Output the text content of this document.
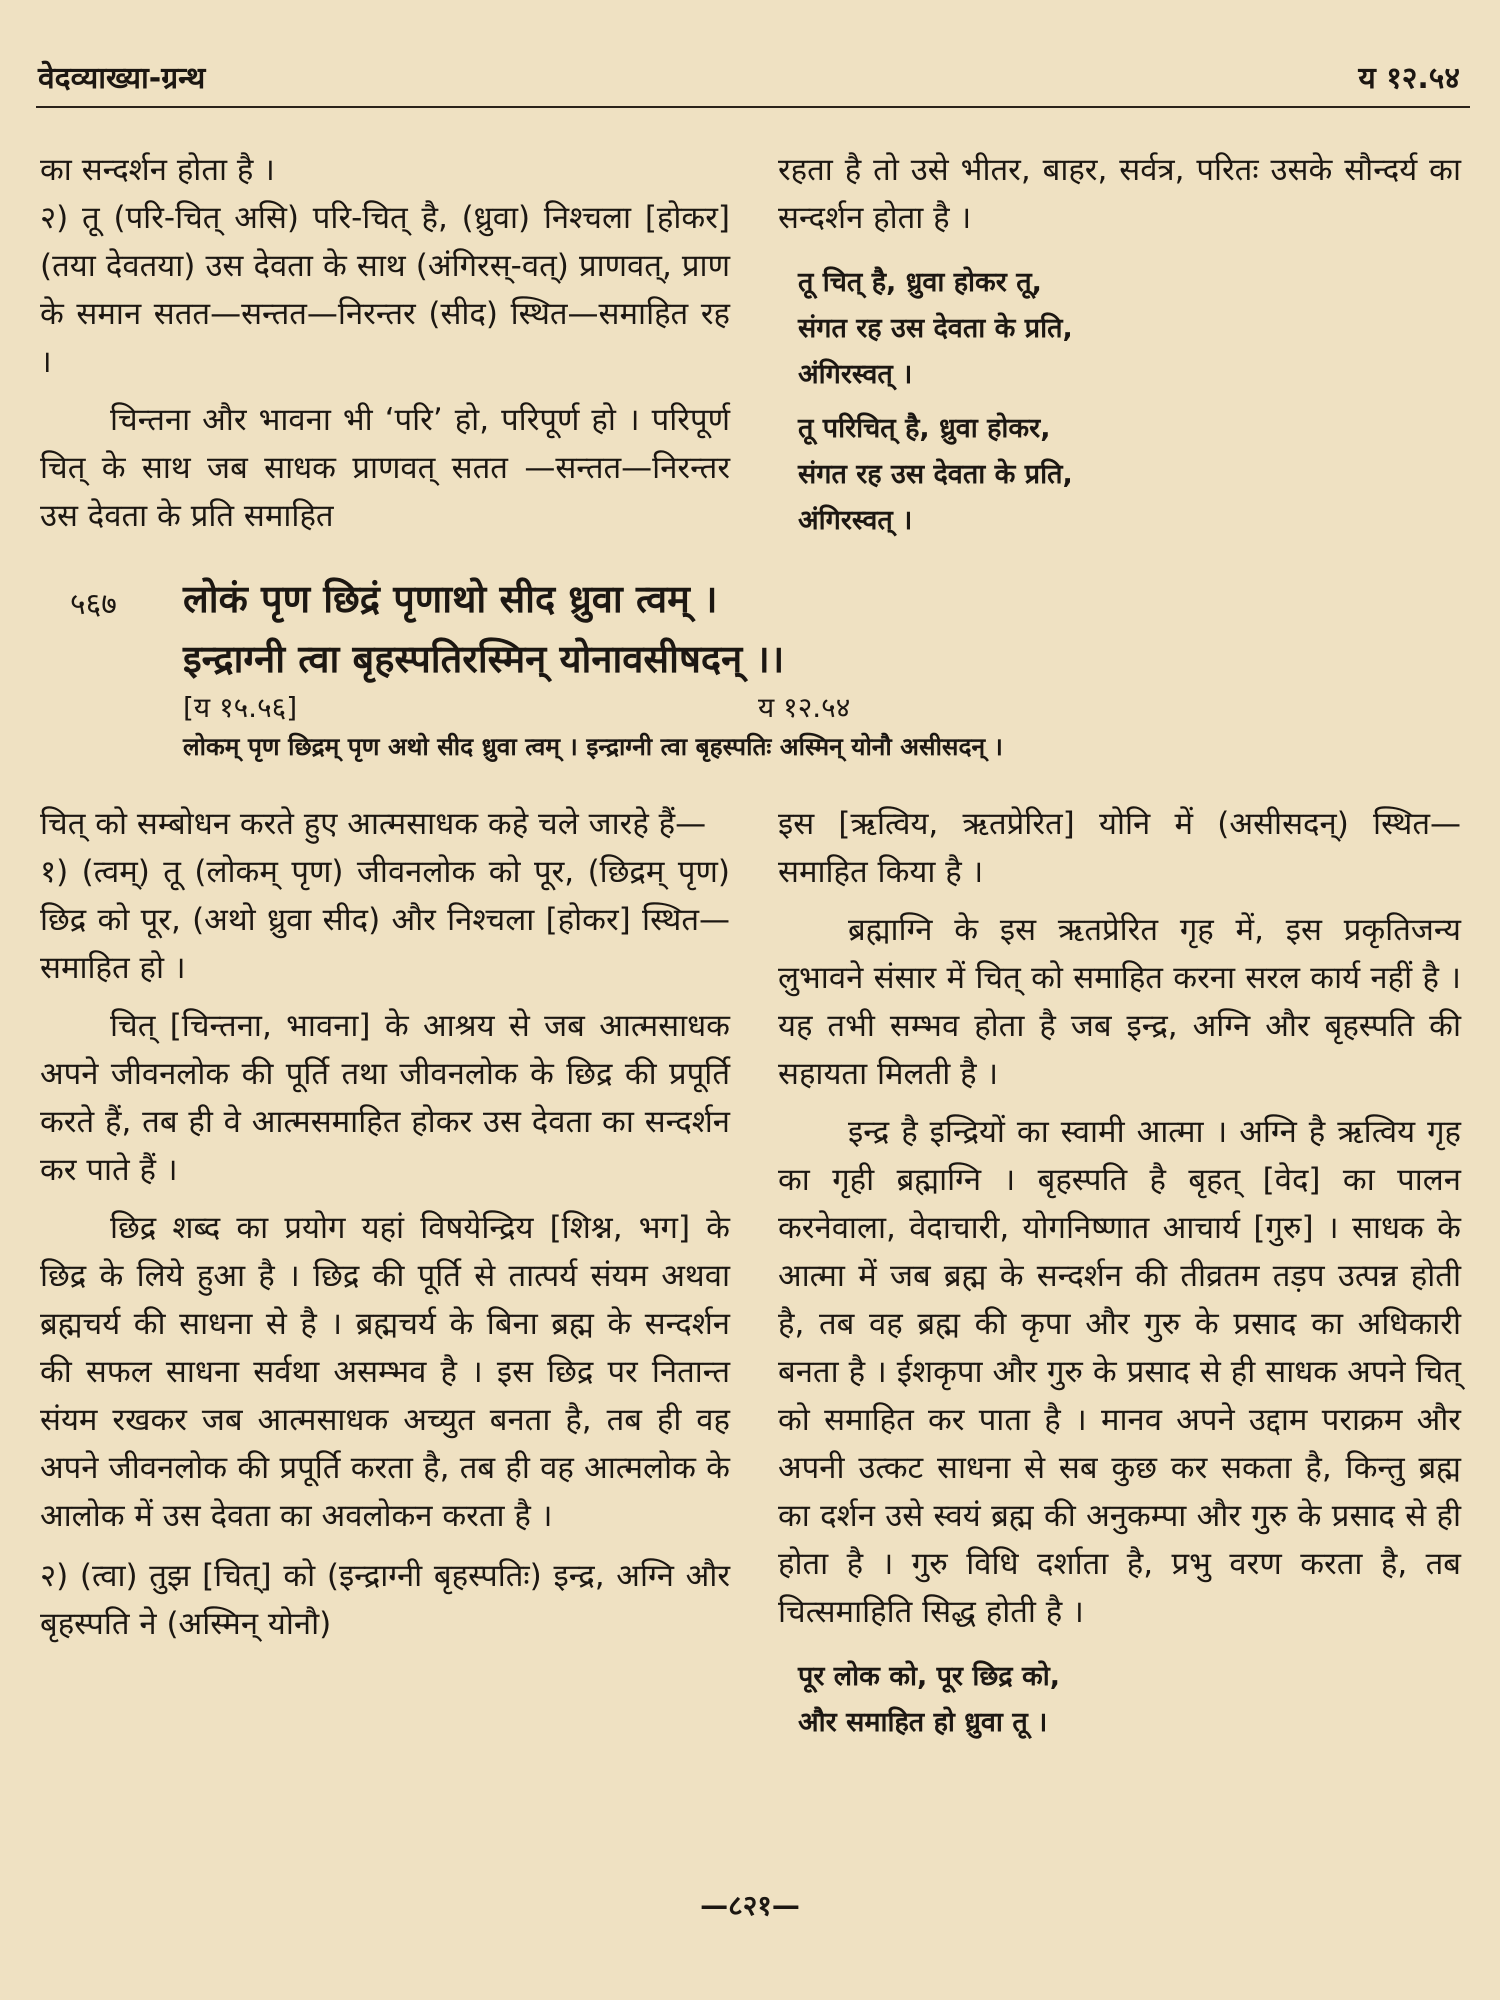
वेदव्याख्या-ग्रन्थ	य १२.५४

का सन्दर्शन होता है ।

२) तू (परि-चित् असि) परि-चित् है, (ध्रुवा) निश्चला [होकर] (तया देवतया) उस देवता के साथ (अंगिरस्-वत्) प्राणवत्, प्राण के समान सतत—सन्तत—निरन्तर (सीद) स्थित—समाहित रह ।

चिन्तना और भावना भी ‘परि’ हो, परिपूर्ण हो । परिपूर्ण चित् के साथ जब साधक प्राणवत् सतत —सन्तत—निरन्तर उस देवता के प्रति समाहित

रहता है तो उसे भीतर, बाहर, सर्वत्र, परितः उसके सौन्दर्य का सन्दर्शन होता है ।

तू चित् है, ध्रुवा होकर तू,
संगत रह उस देवता के प्रति,
अंगिरस्वत् ।
तू परिचित् है, ध्रुवा होकर,
संगत रह उस देवता के प्रति,
अंगिरस्वत् ।
५६७ लोकं पृण छिद्रं पृणाथो सीद ध्रुवा त्वम् ।
इन्द्राग्नी त्वा बृहस्पतिरस्मिन् योनावसीषदन् ।।
[य १५.५६]	य १२.५४
लोकम् पृण छिद्रम् पृण अथो सीद ध्रुवा त्वम् । इन्द्राग्नी त्वा बृहस्पतिः अस्मिन् योनौ असीसदन् ।

चित् को सम्बोधन करते हुए आत्मसाधक कहे चले जारहे हैं—

१) (त्वम्) तू (लोकम् पृण) जीवनलोक को पूर, (छिद्रम् पृण) छिद्र को पूर, (अथो ध्रुवा सीद) और निश्चला [होकर] स्थित—समाहित हो ।

चित् [चिन्तना, भावना] के आश्रय से जब आत्मसाधक अपने जीवनलोक की पूर्ति तथा जीवनलोक के छिद्र की प्रपूर्ति करते हैं, तब ही वे आत्मसमाहित होकर उस देवता का सन्दर्शन कर पाते हैं ।

छिद्र शब्द का प्रयोग यहां विषयेन्द्रिय [शिश्न, भग] के छिद्र के लिये हुआ है । छिद्र की पूर्ति से तात्पर्य संयम अथवा ब्रह्मचर्य की साधना से है । ब्रह्मचर्य के बिना ब्रह्म के सन्दर्शन की सफल साधना सर्वथा असम्भव है । इस छिद्र पर नितान्त संयम रखकर जब आत्मसाधक अच्युत बनता है, तब ही वह अपने जीवनलोक की प्रपूर्ति करता है, तब ही वह आत्मलोक के आलोक में उस देवता का अवलोकन करता है ।

२) (त्वा) तुझ [चित्] को (इन्द्राग्नी बृहस्पतिः) इन्द्र, अग्नि और बृहस्पति ने (अस्मिन् योनौ)

इस [ऋत्विय, ऋतप्रेरित] योनि में (असीसदन्) स्थित—समाहित किया है ।

ब्रह्माग्नि के इस ऋतप्रेरित गृह में, इस प्रकृतिजन्य लुभावने संसार में चित् को समाहित करना सरल कार्य नहीं है । यह तभी सम्भव होता है जब इन्द्र, अग्नि और बृहस्पति की सहायता मिलती है ।

इन्द्र है इन्द्रियों का स्वामी आत्मा । अग्नि है ऋत्विय गृह का गृही ब्रह्माग्नि । बृहस्पति है बृहत् [वेद] का पालन करनेवाला, वेदाचारी, योगनिष्णात आचार्य [गुरु] । साधक के आत्मा में जब ब्रह्म के सन्दर्शन की तीव्रतम तड़प उत्पन्न होती है, तब वह ब्रह्म की कृपा और गुरु के प्रसाद का अधिकारी बनता है । ईशकृपा और गुरु के प्रसाद से ही साधक अपने चित् को समाहित कर पाता है । मानव अपने उद्दाम पराक्रम और अपनी उत्कट साधना से सब कुछ कर सकता है, किन्तु ब्रह्म का दर्शन उसे स्वयं ब्रह्म की अनुकम्पा और गुरु के प्रसाद से ही होता है । गुरु विधि दर्शाता है, प्रभु वरण करता है, तब चित्समाहिति सिद्ध होती है ।

पूर लोक को, पूर छिद्र को,
और समाहित हो ध्रुवा तू ।
—८२१—
